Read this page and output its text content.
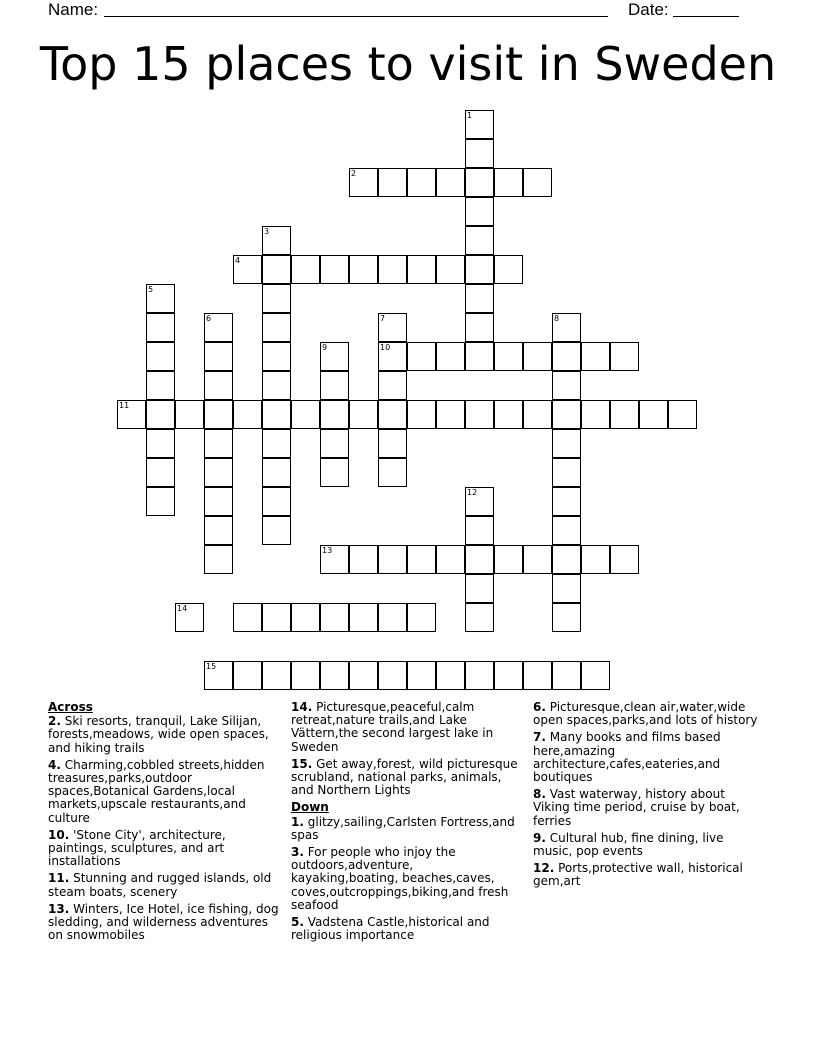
Name:	Date:
Top 15 places to visit in Sweden
1
2
3
4
5
6	7	8
9	10
11
12
13
14
15
Across
2. Ski resorts, tranquil, Lake Silijan, forests,meadows, wide open spaces, and hiking trails
4. Charming,cobbled streets,hidden treasures,parks,outdoor spaces,Botanical Gardens,local markets,upscale restaurants,and culture
10. 'Stone City', architecture, paintings, sculptures, and art installations
11. Stunning and rugged islands, old steam boats, scenery
13. Winters, Ice Hotel, ice fishing, dog sledding, and wilderness adventures on snowmobiles
14. Picturesque,peaceful,calm retreat,nature trails,and Lake Vättern,the second largest lake in Sweden
15. Get away,forest, wild picturesque scrubland, national parks, animals, and Northern Lights
Down
1. glitzy,sailing,Carlsten Fortress,and spas
3. For people who injoy the outdoors,adventure, kayaking,boating, beaches,caves, coves,outcroppings,biking,and fresh seafood
5. Vadstena Castle,historical and religious importance
6. Picturesque,clean air,water,wide open spaces,parks,and lots of history
7. Many books and films based here,amazing architecture,cafes,eateries,and boutiques
8. Vast waterway, history about Viking time period, cruise by boat, ferries
9. Cultural hub, fine dining, live music, pop events
12. Ports,protective wall, historical gem,art
